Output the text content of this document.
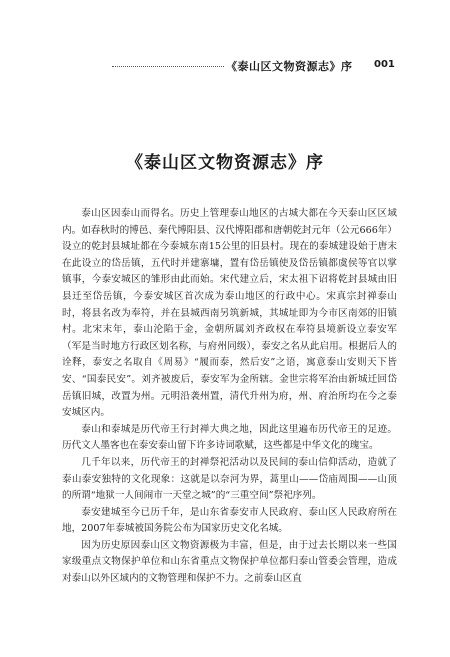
《泰山区文物资源志》序 001
《泰山区文物资源志》序

泰山区因泰山而得名。历史上管理泰山地区的古城大都在今天泰山区区域内。如春秋时的博邑、秦代博阳县、汉代博阳郡和唐朝乾封元年（公元666年）设立的乾封县城址都在今泰城东南15公里的旧县村。现在的泰城建设始于唐末在此设立的岱岳镇，五代时并建寨墉，置有岱岳镇使及岱岳镇都虞侯等官以掌镇事，今泰安城区的雏形由此而始。宋代建立后，宋太祖下诏将乾封县城由旧县迁至岱岳镇，今泰安城区首次成为泰山地区的行政中心。宋真宗封禅泰山时，将县名改为奉符，并在县城西南另筑新城，其城址即为今市区南郊的旧镇村。北宋末年，泰山沦陷于金，金朝所属刘齐政权在奉符县境新设立泰安军（军是当时地方行政区划名称，与府州同级），泰安之名从此启用。根据后人的诠释，泰安之名取自《周易》“履而泰，然后安”之语，寓意泰山安则天下皆安、“国泰民安”。刘齐被废后，泰安军为金所辖。金世宗将军治由新城迁回岱岳镇旧城，改置为州。元明沿袭州置，清代升州为府，州、府治所均在今之泰安城区内。

泰山和泰城是历代帝王行封禅大典之地，因此这里遍布历代帝王的足迹。历代文人墨客也在泰安泰山留下许多诗词歌赋，这些都是中华文化的瑰宝。

几千年以来，历代帝王的封禅祭祀活动以及民间的泰山信仰活动，造就了泰山泰安独特的文化现象：这就是以奈河为界，蒿里山——岱庙周围——山顶的所谓“地狱一人间闹市一天堂之城”的“三重空间”祭祀序列。

泰安建城至今已历千年，是山东省泰安市人民政府、泰山区人民政府所在地，2007年泰城被国务院公布为国家历史文化名城。

因为历史原因泰山区文物资源极为丰富，但是，由于过去长期以来一些国家级重点文物保护单位和山东省重点文物保护单位都归泰山管委会管理，造成对泰山以外区域内的文物管理和保护不力。之前泰山区直
